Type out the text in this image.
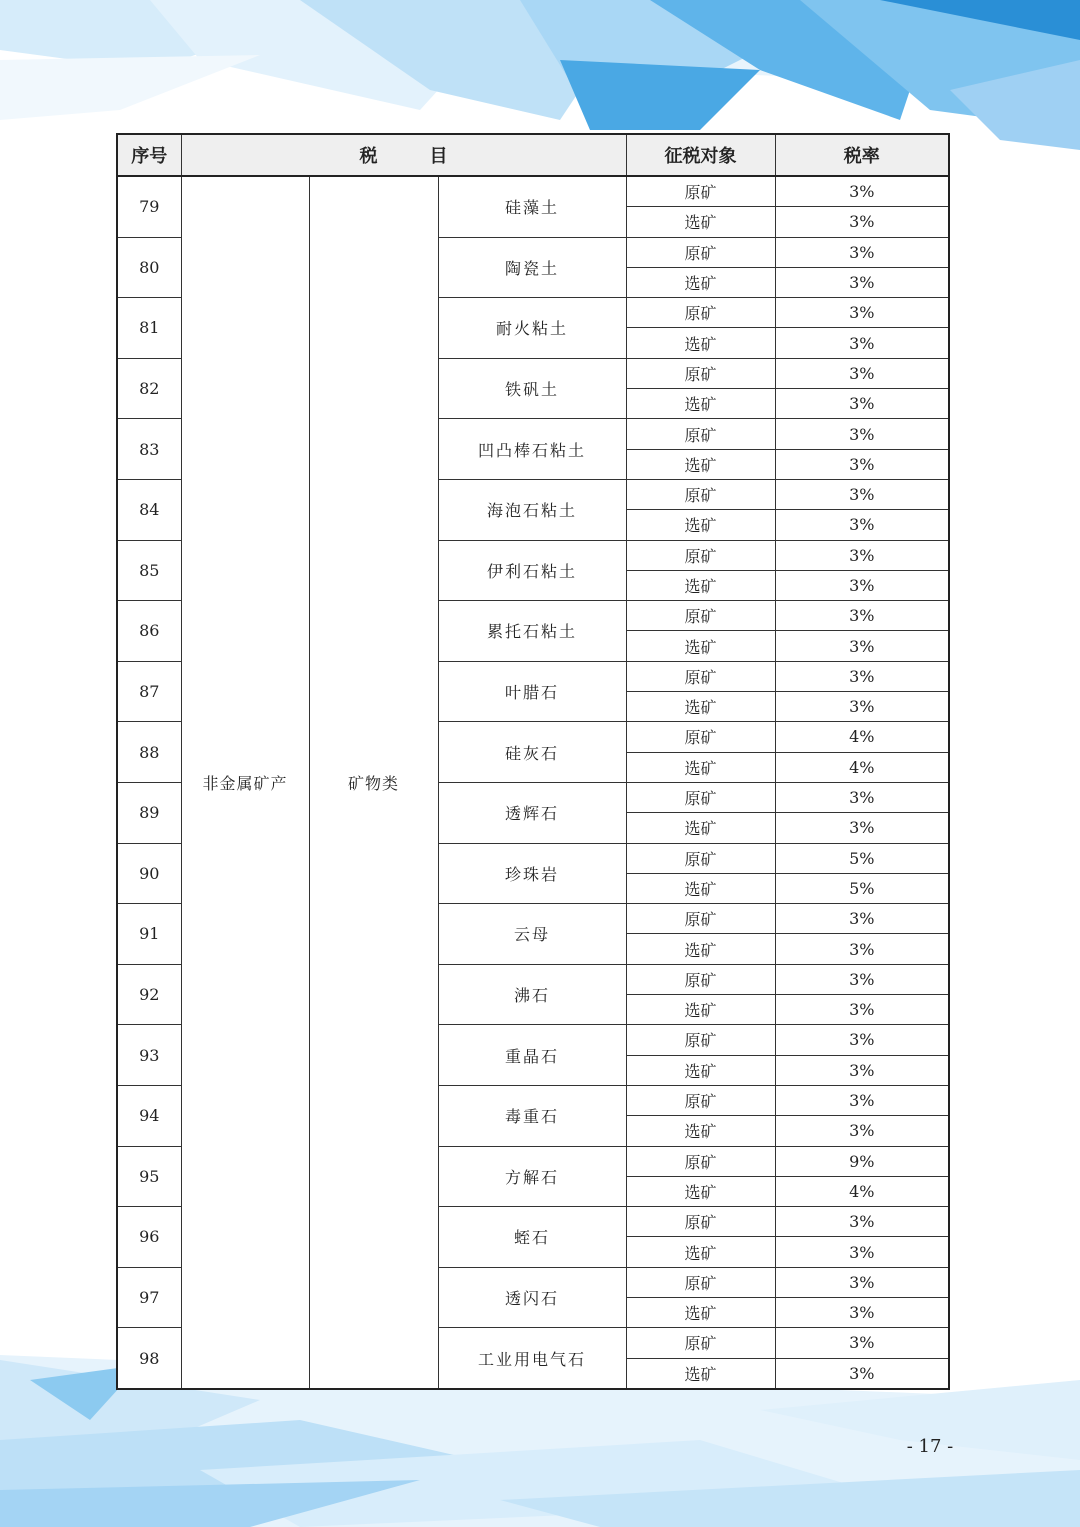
序号	税 目			征税对象	税率
79	非金属矿产	矿物类	硅藻土	原矿	3%
				选矿	3%
80			陶瓷土	原矿	3%
				选矿	3%
81			耐火粘土	原矿	3%
				选矿	3%
82			铁矾土	原矿	3%
				选矿	3%
83			凹凸棒石粘土	原矿	3%
				选矿	3%
84			海泡石粘土	原矿	3%
				选矿	3%
85			伊利石粘土	原矿	3%
				选矿	3%
86			累托石粘土	原矿	3%
				选矿	3%
87			叶腊石	原矿	3%
				选矿	3%
88			硅灰石	原矿	4%
				选矿	4%
89			透辉石	原矿	3%
				选矿	3%
90			珍珠岩	原矿	5%
				选矿	5%
91			云母	原矿	3%
				选矿	3%
92			沸石	原矿	3%
				选矿	3%
93			重晶石	原矿	3%
				选矿	3%
94			毒重石	原矿	3%
				选矿	3%
95			方解石	原矿	9%
				选矿	4%
96			蛭石	原矿	3%
				选矿	3%
97			透闪石	原矿	3%
				选矿	3%
98			工业用电气石	原矿	3%
				选矿	3%
- 17 -
